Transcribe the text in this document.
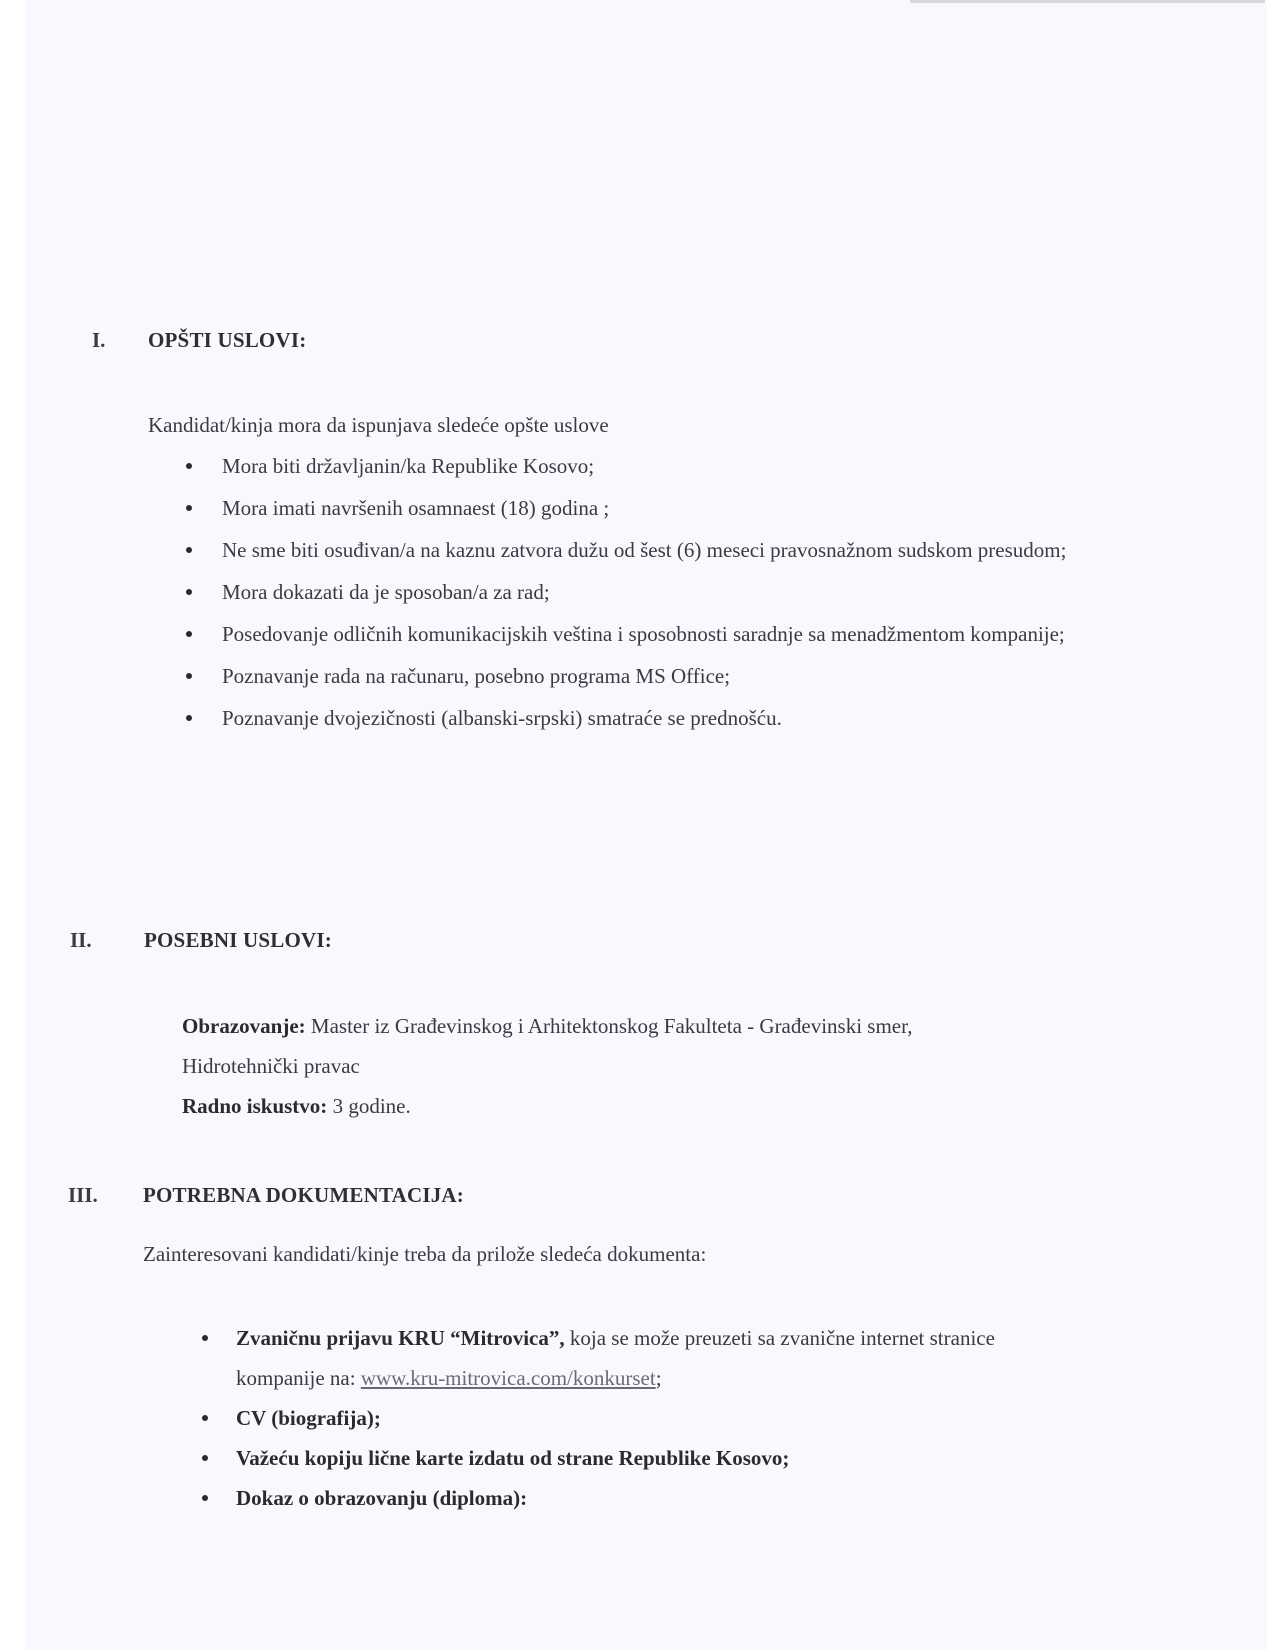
I. OPŠTI USLOVI:
Kandidat/kinja mora da ispunjava sledeće opšte uslove
Mora biti državljanin/ka Republike Kosovo;
Mora imati navršenih osamnaest (18) godina ;
Ne sme biti osuđivan/a na kaznu zatvora dužu od šest (6) meseci pravosnažnom sudskom presudom;
Mora dokazati da je sposoban/a za rad;
Posedovanje odličnih komunikacijskih veština i sposobnosti saradnje sa menadžmentom kompanije;
Poznavanje rada na računaru, posebno programa MS Office;
Poznavanje dvojezičnosti (albanski-srpski) smatraće se prednošću.
II. POSEBNI USLOVI:
Obrazovanje: Master iz Građevinskog i Arhitektonskog Fakulteta - Građevinski smer,
Hidrotehnički pravac
Radno iskustvo: 3 godine.
III. POTREBNA DOKUMENTACIJA:
Zainteresovani kandidati/kinje treba da prilože sledeća dokumenta:
Zvaničnu prijavu KRU “Mitrovica”, koja se može preuzeti sa zvanične internet stranice
kompanije na: www.kru-mitrovica.com/konkurset;
CV (biografija);
Važeću kopiju lične karte izdatu od strane Republike Kosovo;
Dokaz o obrazovanju (diploma):
